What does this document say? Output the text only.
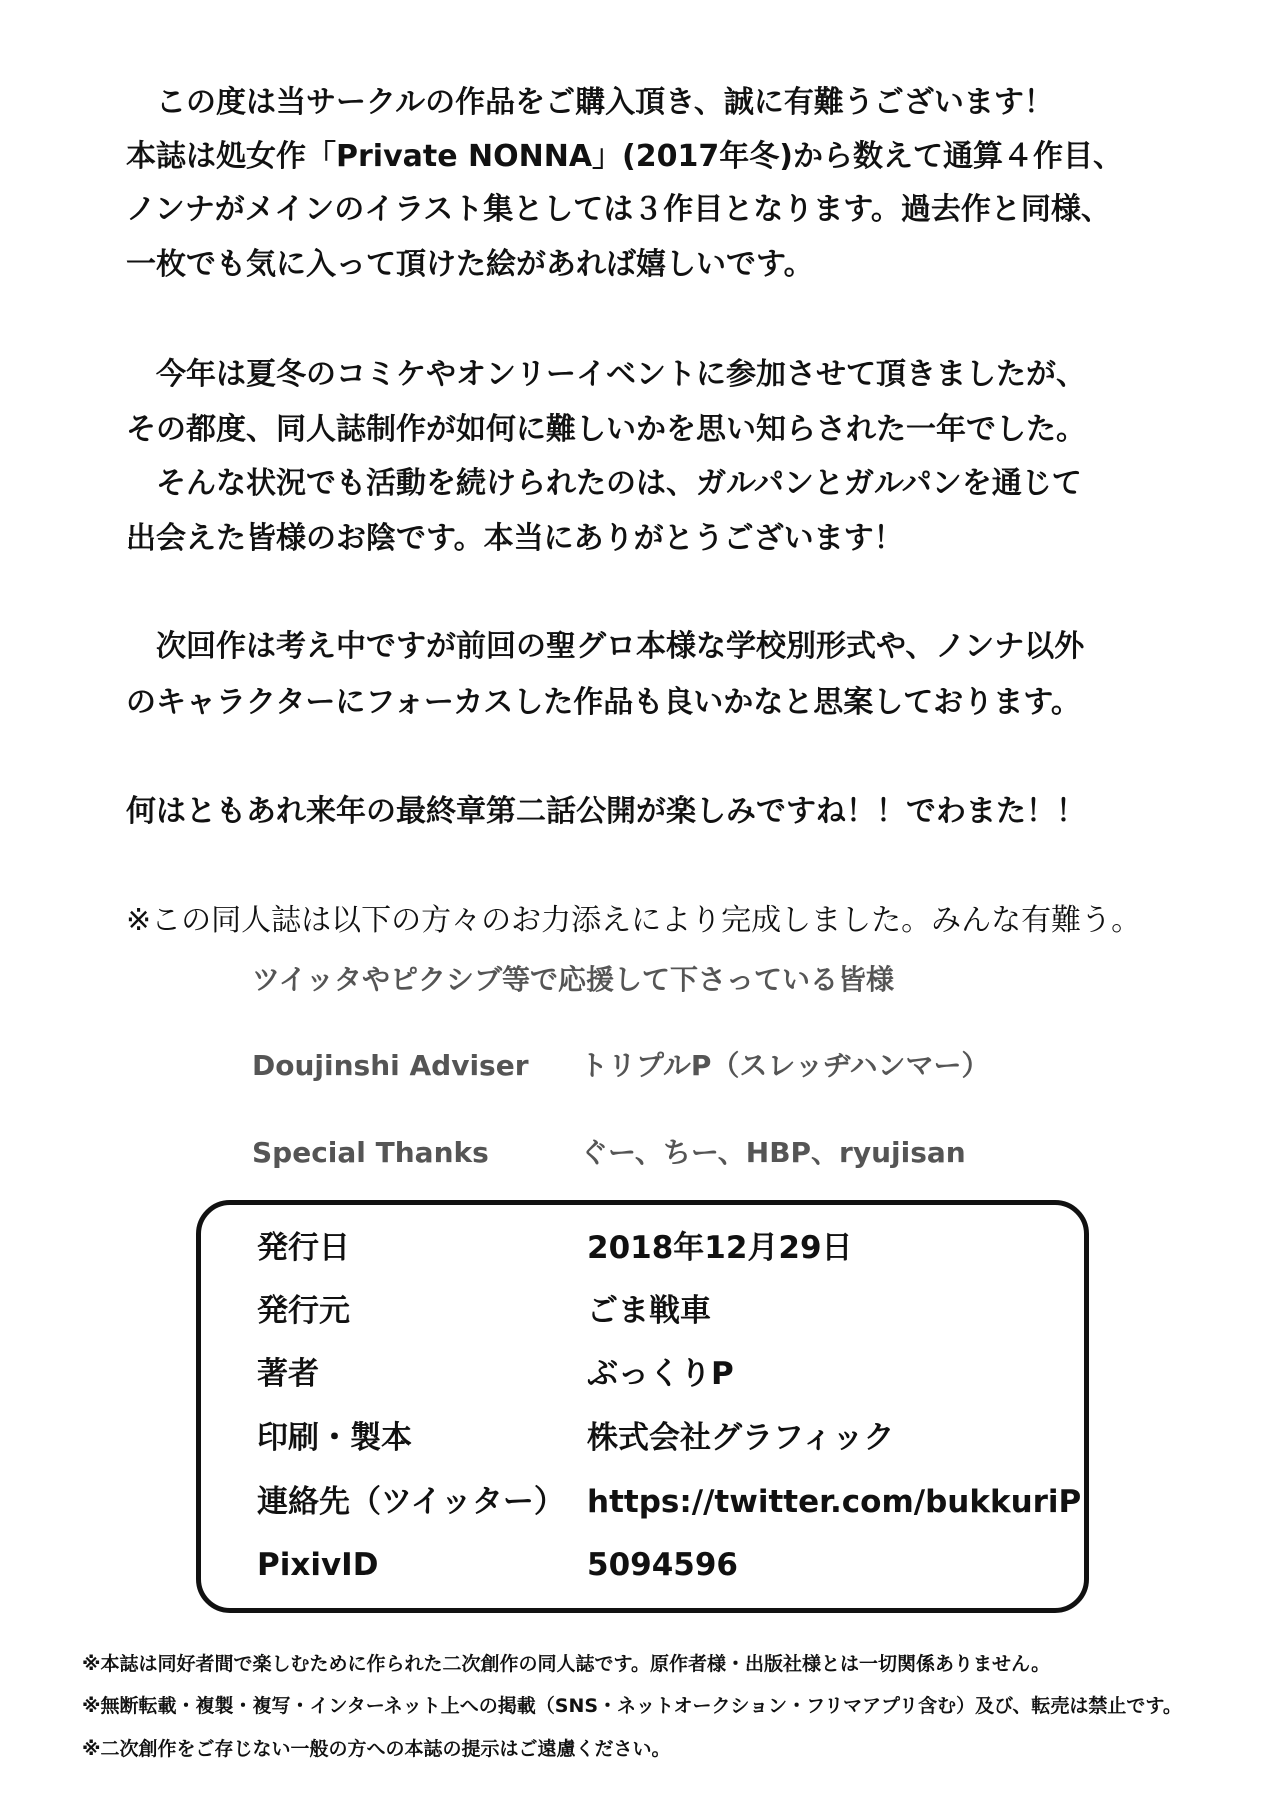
　この度は当サークルの作品をご購入頂き、誠に有難うございます！
本誌は処女作「Private NONNA」(2017年冬)から数えて通算４作目、
ノンナがメインのイラスト集としては３作目となります。過去作と同様、
一枚でも気に入って頂けた絵があれば嬉しいです。
　今年は夏冬のコミケやオンリーイベントに参加させて頂きましたが、
その都度、同人誌制作が如何に難しいかを思い知らされた一年でした。
　そんな状況でも活動を続けられたのは、ガルパンとガルパンを通じて
出会えた皆様のお陰です。本当にありがとうございます！
　次回作は考え中ですが前回の聖グロ本様な学校別形式や、ノンナ以外
のキャラクターにフォーカスした作品も良いかなと思案しております。
何はともあれ来年の最終章第二話公開が楽しみですね！！でわまた！！
※この同人誌は以下の方々のお力添えにより完成しました。みんな有難う。
ツイッタやピクシブ等で応援して下さっている皆様
Doujinshi Adviser トリプルP（スレッヂハンマー）
Special Thanks	ぐー、ちー、HBP、ryujisan
発行日	2018年12月29日
発行元	ごま戦車
著者	ぶっくりP
印刷・製本	株式会社グラフィック
連絡先（ツイッター） https://twitter.com/bukkuriP
PixivID	5094596
※本誌は同好者間で楽しむために作られた二次創作の同人誌です。原作者様・出版社様とは一切関係ありません。
※無断転載・複製・複写・インターネット上への掲載（SNS・ネットオークション・フリマアプリ含む）及び、転売は禁止です。
※二次創作をご存じない一般の方への本誌の提示はご遠慮ください。
